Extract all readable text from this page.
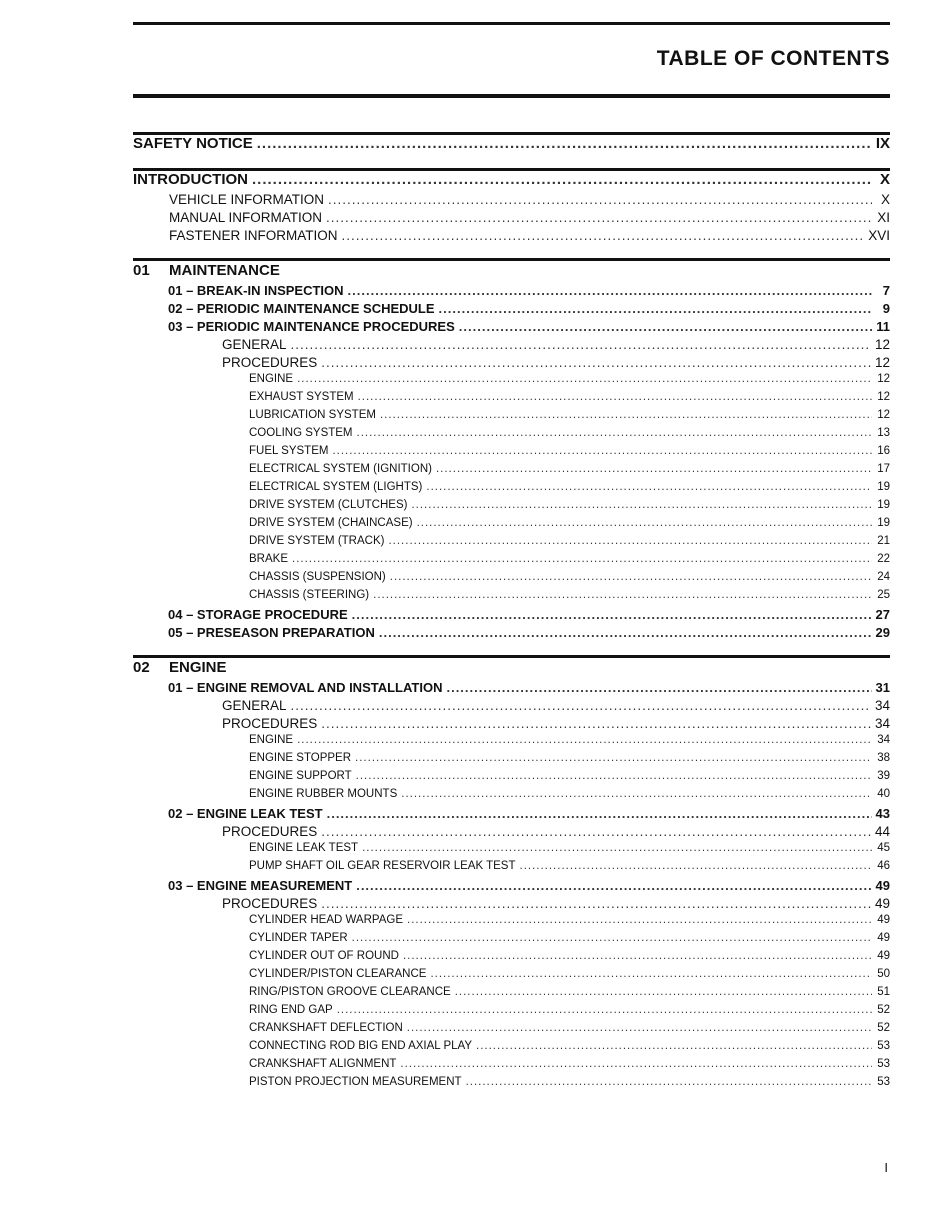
TABLE OF CONTENTS
SAFETY NOTICE .....	IX
INTRODUCTION .....	X
VEHICLE INFORMATION .....	X
MANUAL INFORMATION .....	XI
FASTENER INFORMATION .....	XVI
01 MAINTENANCE
01 – BREAK-IN INSPECTION .....	7
02 – PERIODIC MAINTENANCE SCHEDULE .....	9
03 – PERIODIC MAINTENANCE PROCEDURES .....	11
GENERAL .....	12
PROCEDURES .....	12
ENGINE .....	12
EXHAUST SYSTEM .....	12
LUBRICATION SYSTEM .....	12
COOLING SYSTEM .....	13
FUEL SYSTEM .....	16
ELECTRICAL SYSTEM (IGNITION) .....	17
ELECTRICAL SYSTEM (LIGHTS) .....	19
DRIVE SYSTEM (CLUTCHES) .....	19
DRIVE SYSTEM (CHAINCASE) .....	19
DRIVE SYSTEM (TRACK) .....	21
BRAKE .....	22
CHASSIS (SUSPENSION) .....	24
CHASSIS (STEERING) .....	25
04 – STORAGE PROCEDURE .....	27
05 – PRESEASON PREPARATION .....	29
02 ENGINE
01 – ENGINE REMOVAL AND INSTALLATION .....	31
GENERAL .....	34
PROCEDURES .....	34
ENGINE .....	34
ENGINE STOPPER .....	38
ENGINE SUPPORT .....	39
ENGINE RUBBER MOUNTS .....	40
02 – ENGINE LEAK TEST .....	43
PROCEDURES .....	44
ENGINE LEAK TEST .....	45
PUMP SHAFT OIL GEAR RESERVOIR LEAK TEST .....	46
03 – ENGINE MEASUREMENT .....	49
PROCEDURES .....	49
CYLINDER HEAD WARPAGE .....	49
CYLINDER TAPER .....	49
CYLINDER OUT OF ROUND .....	49
CYLINDER/PISTON CLEARANCE .....	50
RING/PISTON GROOVE CLEARANCE .....	51
RING END GAP .....	52
CRANKSHAFT DEFLECTION .....	52
CONNECTING ROD BIG END AXIAL PLAY .....	53
CRANKSHAFT ALIGNMENT .....	53
PISTON PROJECTION MEASUREMENT .....	53
I
